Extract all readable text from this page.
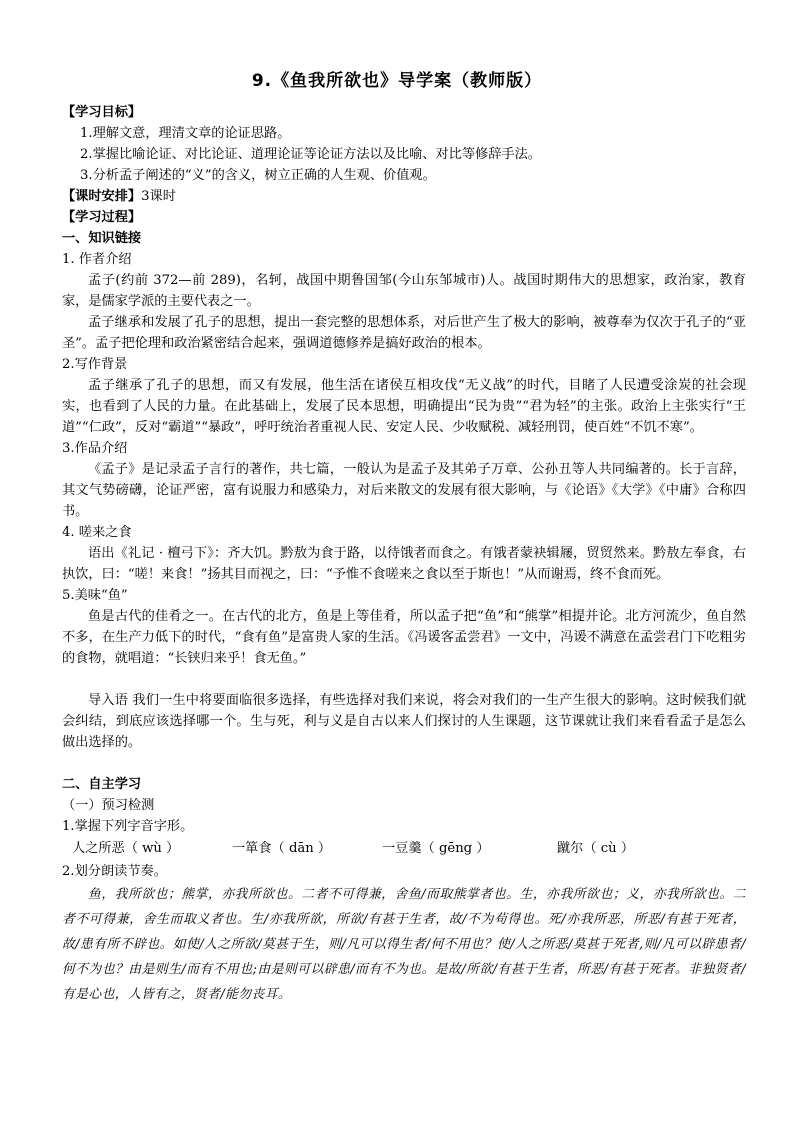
9.《鱼我所欲也》导学案（教师版）
【学习目标】
1.理解文意，理清文章的论证思路。
2.掌握比喻论证、对比论证、道理论证等论证方法以及比喻、对比等修辞手法。
3.分析孟子阐述的“义”的含义，树立正确的人生观、价值观。
【课时安排】3课时
【学习过程】
一、知识链接
1. 作者介绍
孟子(约前 372—前 289)，名轲，战国中期鲁国邹(今山东邹城市)人。战国时期伟大的思想家，政治家，教育家，是儒家学派的主要代表之一。
孟子继承和发展了孔子的思想，提出一套完整的思想体系，对后世产生了极大的影响，被尊奉为仅次于孔子的“亚圣”。孟子把伦理和政治紧密结合起来，强调道德修养是搞好政治的根本。
2.写作背景
孟子继承了孔子的思想，而又有发展，他生活在诸侯互相攻伐“无义战”的时代，目睹了人民遭受涂炭的社会现实，也看到了人民的力量。在此基础上，发展了民本思想，明确提出“民为贵”“君为轻”的主张。政治上主张实行“王道”“仁政”，反对“霸道”“暴政”，呼吁统治者重视人民、安定人民、少收赋税、减轻刑罚，使百姓“不饥不寒”。
3.作品介绍
《孟子》是记录孟子言行的著作，共七篇，一般认为是孟子及其弟子万章、公孙丑等人共同编著的。长于言辞，其文气势磅礴，论证严密，富有说服力和感染力，对后来散文的发展有很大影响，与《论语》《大学》《中庸》合称四书。
4. 嗟来之食
语出《礼记 · 檀弓下》：齐大饥。黔敖为食于路，以待饿者而食之。有饿者蒙袂辑屦，贸贸然来。黔敖左奉食，右执饮，曰：“嗟！来食！”扬其目而视之，曰：“予惟不食嗟来之食以至于斯也！”从而谢焉，终不食而死。
5.美味“鱼”
鱼是古代的佳肴之一。在古代的北方，鱼是上等佳肴，所以孟子把“鱼”和“熊掌”相提并论。北方河流少，鱼自然不多，在生产力低下的时代，“食有鱼”是富贵人家的生活。《冯谖客孟尝君》一文中，冯谖不满意在孟尝君门下吃粗劣的食物，就唱道：“长铗归来乎！食无鱼。”
导入语 我们一生中将要面临很多选择，有些选择对我们来说，将会对我们的一生产生很大的影响。这时候我们就会纠结，到底应该选择哪一个。生与死，利与义是自古以来人们探讨的人生课题，这节课就让我们来看看孟子是怎么做出选择的。
二、自主学习
（一）预习检测
1.掌握下列字音字形。
人之所恶（ wù ）	一箪食（ dān ）	一豆羹（ gēng ）	蹴尔（ cù ）
2.划分朗读节奏。
鱼，我所欲也；熊掌，亦我所欲也。二者不可得兼，舍鱼/而取熊掌者也。生，亦我所欲也；义，亦我所欲也。二者不可得兼，舍生而取义者也。生/亦我所欲，所欲/有甚于生者，故/不为苟得也。死/亦我所恶，所恶/有甚于死者，故/患有所不辟也。如使/人之所欲/莫甚于生，则/凡可以得生者/何不用也？使/人之所恶/莫甚于死者,则/凡可以辟患者/何不为也？由是则生/而有不用也;由是则可以辟患/而有不为也。是故/所欲/有甚于生者，所恶/有甚于死者。非独贤者/有是心也，人皆有之，贤者/能勿丧耳。
